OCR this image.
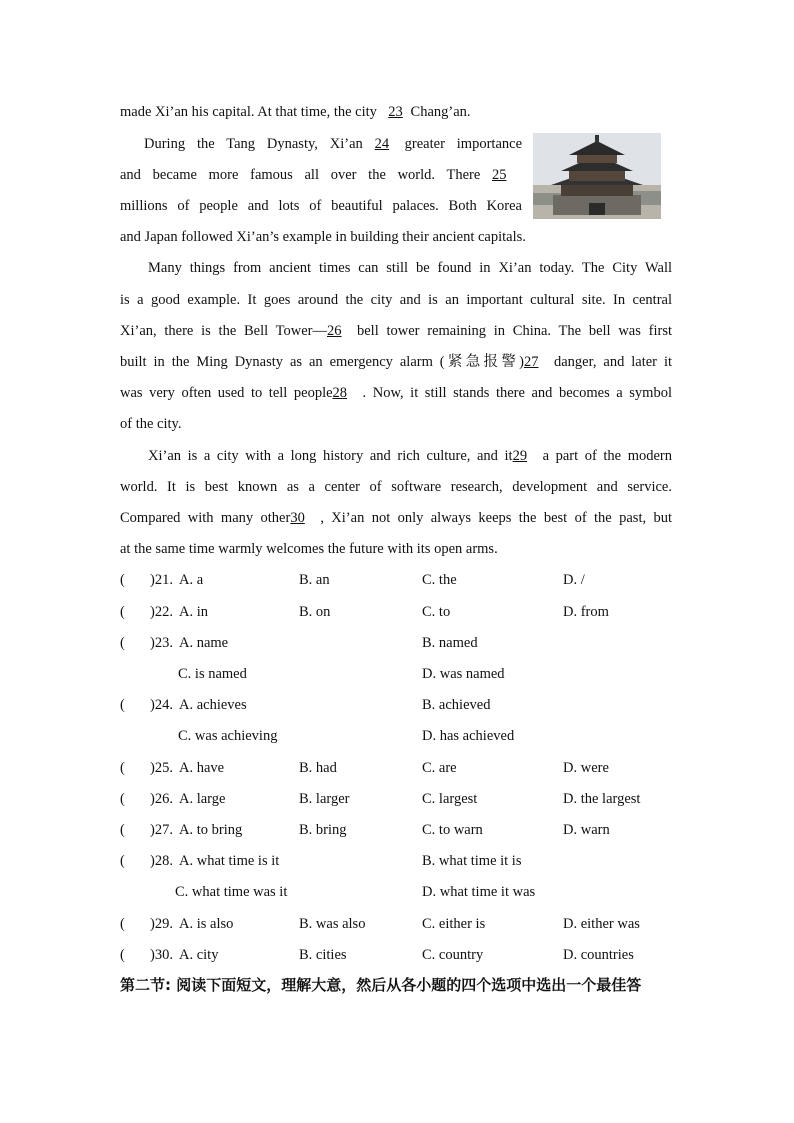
made Xi’an his capital. At that time, the city 23 Chang’an.
During the Tang Dynasty, Xi’an 24 greater importance
and became more famous all over the world. There 25
millions of people and lots of beautiful palaces. Both Korea
and Japan followed Xi’an’s example in building their ancient capitals.
Many things from ancient times can still be found in Xi’an today. The City Wall
is a good example. It goes around the city and is an important cultural site. In central
Xi’an, there is the Bell Tower—26 bell tower remaining in China. The bell was first
built in the Ming Dynasty as an emergency alarm (紧急报警)27 danger, and later it
was very often used to tell people28 . Now, it still stands there and becomes a symbol
of the city.
Xi’an is a city with a long history and rich culture, and it29 a part of the modern
world. It is best known as a center of software research, development and service.
Compared with many other30 , Xi’an not only always keeps the best of the past, but
at the same time warmly welcomes the future with its open arms.
( )21. A. a	B. an	C. the	D. /
( )22. A. in	B. on	C. to	D. from
( )23. A. name	B. named
C. is named	D. was named
( )24. A. achieves	B. achieved
C. was achieving	D. has achieved
( )25. A. have	B. had	C. are	D. were
( )26. A. large	B. larger	C. largest	D. the largest
( )27. A. to bring	B. bring	C. to warn	D. warn
( )28. A. what time is it	B. what time it is
C. what time was it	D. what time it was
( )29. A. is also	B. was also	C. either is	D. either was
( )30. A. city	B. cities	C. country	D. countries
第二节: 阅读下面短文，理解大意，然后从各小题的四个选项中选出一个最佳答
